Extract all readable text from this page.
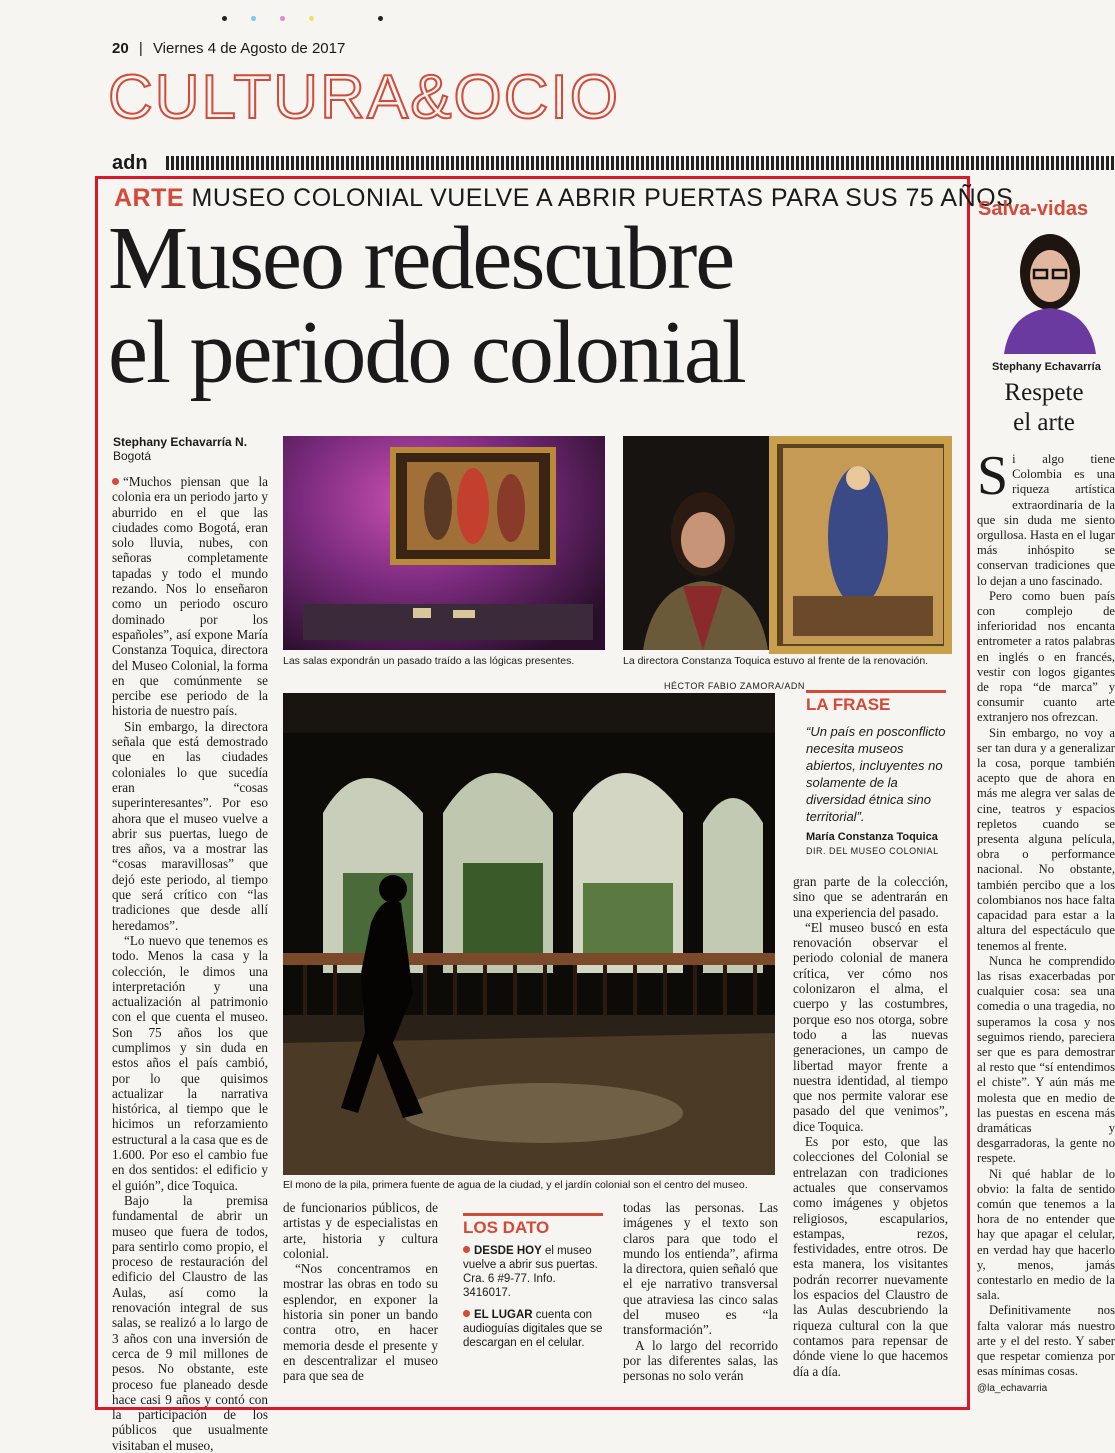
20 | Viernes 4 de Agosto de 2017
CULTURA&OCIO
adn
ARTE MUSEO COLONIAL VUELVE A ABRIR PUERTAS PARA SUS 75 AÑOS
Museo redescubre
el periodo colonial
Stephany Echavarría N.
Bogotá

“Muchos piensan que la colonia era un periodo jarto y aburrido en el que las ciudades como Bogotá, eran solo lluvia, nubes, con señoras completamente tapadas y todo el mundo rezando. Nos lo enseñaron como un periodo oscuro dominado por los españoles”, así expone María Constanza Toquica, directora del Museo Colonial, la forma en que comúnmente se percibe ese periodo de la historia de nuestro país.

Sin embargo, la directora señala que está demostrado que en las ciudades coloniales lo que sucedía eran “cosas superinteresantes”. Por eso ahora que el museo vuelve a abrir sus puertas, luego de tres años, va a mostrar las “cosas maravillosas” que dejó este periodo, al tiempo que será crítico con “las tradiciones que desde allí heredamos”.

“Lo nuevo que tenemos es todo. Menos la casa y la colección, le dimos una interpretación y una actualización al patrimonio con el que cuenta el museo. Son 75 años los que cumplimos y sin duda en estos años el país cambió, por lo que quisimos actualizar la narrativa histórica, al tiempo que le hicimos un reforzamiento estructural a la casa que es de 1.600. Por eso el cambio fue en dos sentidos: el edificio y el guión”, dice Toquica.

Bajo la premisa fundamental de abrir un museo que fuera de todos, para sentirlo como propio, el proceso de restauración del edificio del Claustro de las Aulas, así como la renovación integral de sus salas, se realizó a lo largo de 3 años con una inversión de cerca de 9 mil millones de pesos. No obstante, este proceso fue planeado desde hace casi 9 años y contó con la participación de los públicos que usualmente visitaban el museo,

Las salas expondrán un pasado traído a las lógicas presentes.	La directora Constanza Toquica estuvo al frente de la renovación.
HÉCTOR FABIO ZAMORA/ADN
El mono de la pila, primera fuente de agua de la ciudad, y el jardín colonial son el centro del museo.
LA FRASE
“Un país en posconflicto necesita museos abiertos, incluyentes no solamente de la diversidad étnica sino territorial”.
María Constanza Toquica
DIR. DEL MUSEO COLONIAL

gran parte de la colección, sino que se adentrarán en una experiencia del pasado.

“El museo buscó en esta renovación observar el periodo colonial de manera crítica, ver cómo nos colonizaron el alma, el cuerpo y las costumbres, porque eso nos otorga, sobre todo a las nuevas generaciones, un campo de libertad mayor frente a nuestra identidad, al tiempo que nos permite valorar ese pasado del que venimos”, dice Toquica.

Es por esto, que las colecciones del Colonial se entrelazan con tradiciones actuales que conservamos como imágenes y objetos religiosos, escapularios, estampas, rezos, festividades, entre otros. De esta manera, los visitantes podrán recorrer nuevamente los espacios del Claustro de las Aulas descubriendo la riqueza cultural con la que contamos para repensar de dónde viene lo que hacemos día a día.

de funcionarios públicos, de artistas y de especialistas en arte, historia y cultura colonial.

“Nos concentramos en mostrar las obras en todo su esplendor, en exponer la historia sin poner un bando contra otro, en hacer memoria desde el presente y en descentralizar el museo para que sea de

LOS DATO
DESDE HOY el museo vuelve a abrir sus puertas. Cra. 6 #9-77. Info. 3416017.
EL LUGAR cuenta con audioguías digitales que se descargan en el celular.

todas las personas. Las imágenes y el texto son claros para que todo el mundo los entienda”, afirma la directora, quien señaló que el eje narrativo transversal que atraviesa las cinco salas del museo es “la transformación”.

A lo largo del recorrido por las diferentes salas, las personas no solo verán

Salva-vidas
Stephany Echavarría
Respete
el arte

Si algo tiene Colombia es una riqueza artística extraordinaria de la que sin duda me siento orgullosa. Hasta en el lugar más inhóspito se conservan tradiciones que lo dejan a uno fascinado.

Pero como buen país con complejo de inferioridad nos encanta entrometer a ratos palabras en inglés o en francés, vestir con logos gigantes de ropa “de marca” y consumir cuanto arte extranjero nos ofrezcan.

Sin embargo, no voy a ser tan dura y a generalizar la cosa, porque también acepto que de ahora en más me alegra ver salas de cine, teatros y espacios repletos cuando se presenta alguna película, obra o performance nacional. No obstante, también percibo que a los colombianos nos hace falta capacidad para estar a la altura del espectáculo que tenemos al frente.

Nunca he comprendido las risas exacerbadas por cualquier cosa: sea una comedia o una tragedia, no superamos la cosa y nos seguimos riendo, pareciera ser que es para demostrar al resto que “sí entendimos el chiste”. Y aún más me molesta que en medio de las puestas en escena más dramáticas y desgarradoras, la gente no respete.

Ni qué hablar de lo obvio: la falta de sentido común que tenemos a la hora de no entender que hay que apagar el celular, en verdad hay que hacerlo y, menos, jamás contestarlo en medio de la sala.

Definitivamente nos falta valorar más nuestro arte y el del resto. Y saber que respetar comienza por esas mínimas cosas.

@la_echavarria
